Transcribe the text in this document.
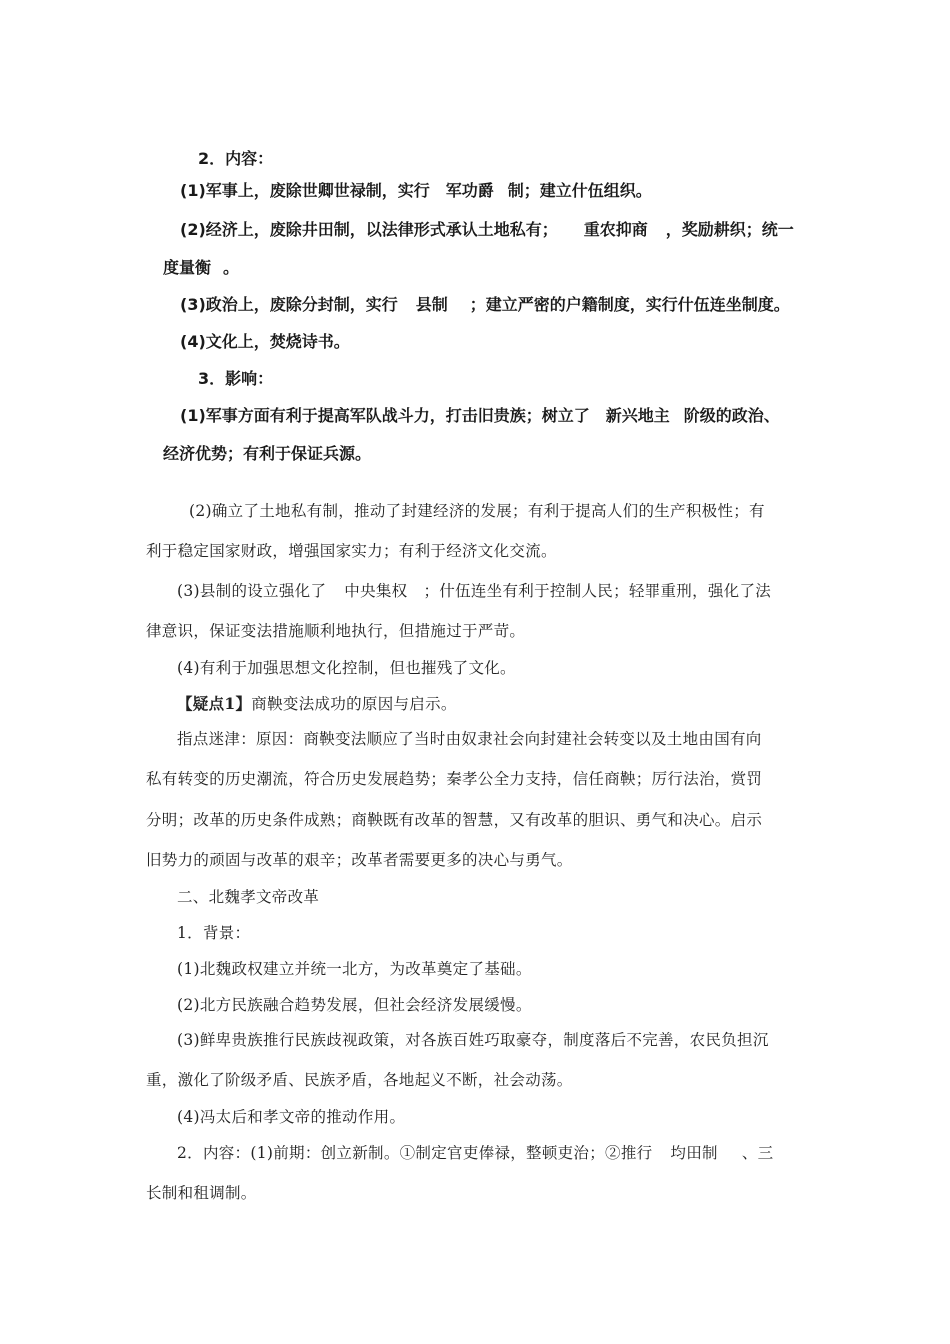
2．内容：
(1)军事上，废除世卿世禄制，实行 军功爵 制；建立什伍组织。
(2)经济上，废除井田制，以法律形式承认土地私有； 重农抑商 ，奖励耕织；统一
度量衡 。
(3)政治上，废除分封制，实行 县制 ；建立严密的户籍制度，实行什伍连坐制度。
(4)文化上，焚烧诗书。
3．影响：
(1)军事方面有利于提高军队战斗力，打击旧贵族；树立了 新兴地主 阶级的政治、
经济优势；有利于保证兵源。
(2)确立了土地私有制，推动了封建经济的发展；有利于提高人们的生产积极性；有
利于稳定国家财政，增强国家实力；有利于经济文化交流。
(3)县制的设立强化了 中央集权 ；什伍连坐有利于控制人民；轻罪重刑，强化了法
律意识，保证变法措施顺利地执行，但措施过于严苛。
(4)有利于加强思想文化控制，但也摧残了文化。
【疑点1】商鞅变法成功的原因与启示。
指点迷津：原因：商鞅变法顺应了当时由奴隶社会向封建社会转变以及土地由国有向
私有转变的历史潮流，符合历史发展趋势；秦孝公全力支持，信任商鞅；厉行法治，赏罚
分明；改革的历史条件成熟；商鞅既有改革的智慧，又有改革的胆识、勇气和决心。启示
旧势力的顽固与改革的艰辛；改革者需要更多的决心与勇气。
二、北魏孝文帝改革
1．背景：
(1)北魏政权建立并统一北方，为改革奠定了基础。
(2)北方民族融合趋势发展，但社会经济发展缓慢。
(3)鲜卑贵族推行民族歧视政策，对各族百姓巧取豪夺，制度落后不完善，农民负担沉
重，激化了阶级矛盾、民族矛盾，各地起义不断，社会动荡。
(4)冯太后和孝文帝的推动作用。
2．内容：(1)前期：创立新制。①制定官吏俸禄，整顿吏治；②推行 均田制 、三
长制和租调制。
